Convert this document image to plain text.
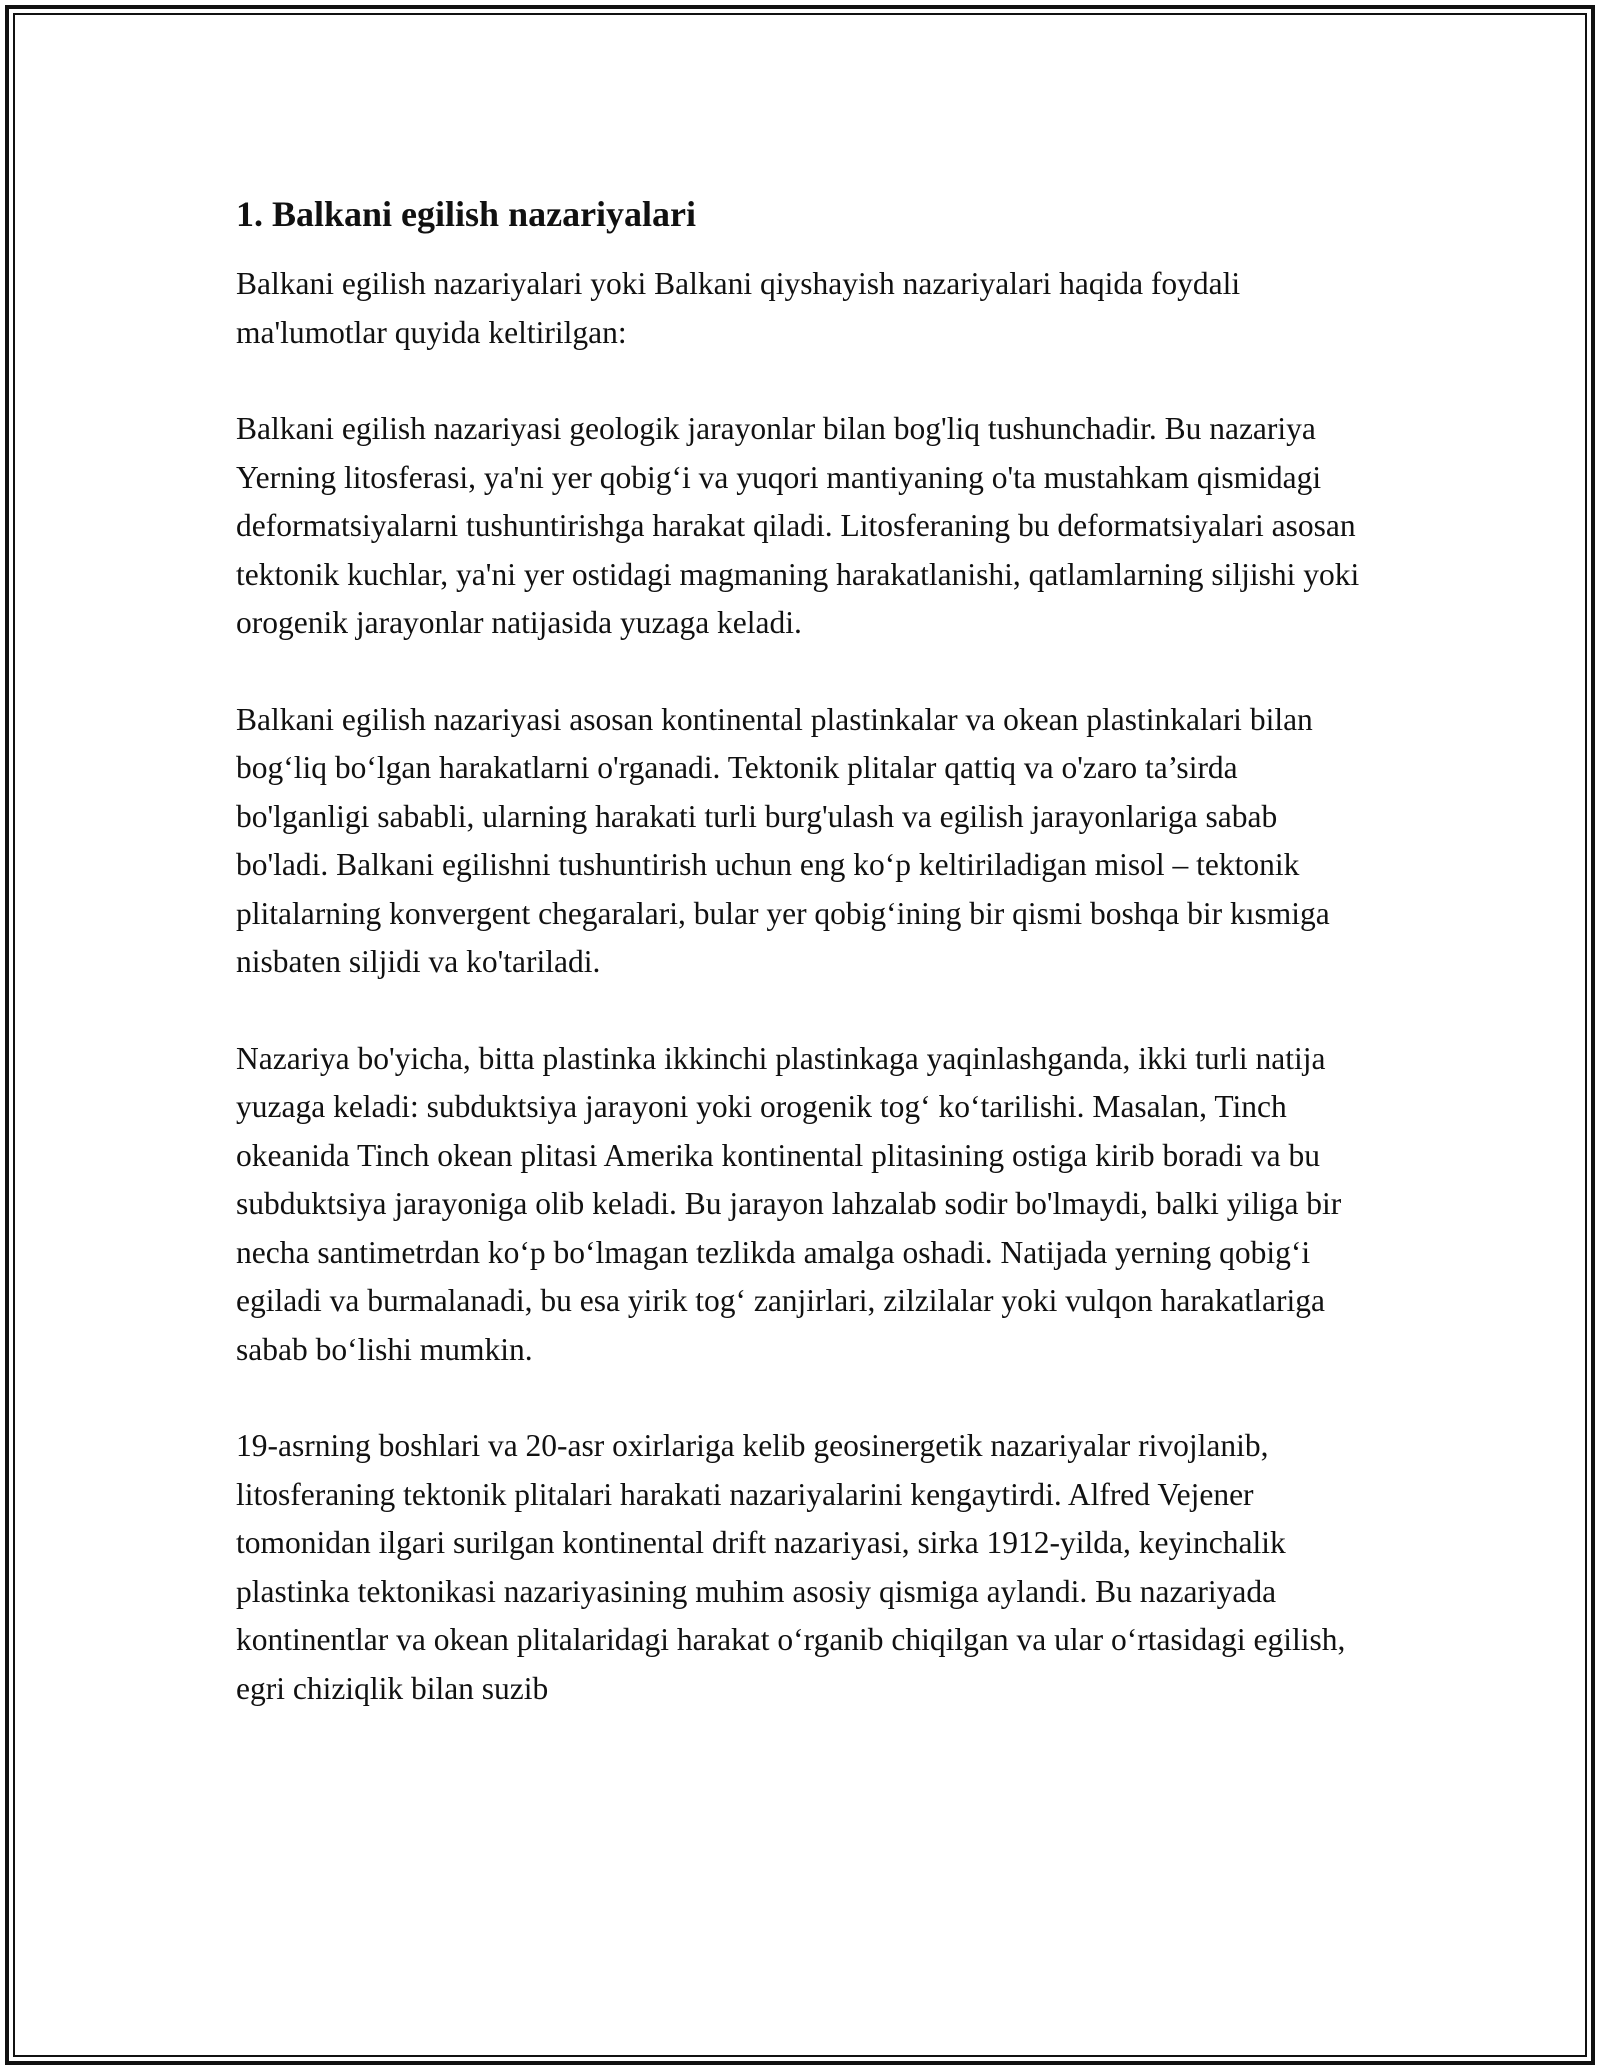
1. Balkani egilish nazariyalari

Balkani egilish nazariyalari yoki Balkani qiyshayish nazariyalari haqida foydali ma'lumotlar quyida keltirilgan:

Balkani egilish nazariyasi geologik jarayonlar bilan bog'liq tushunchadir. Bu nazariya Yerning litosferasi, ya'ni yer qobig‘i va yuqori mantiyaning o'ta mustahkam qismidagi deformatsiyalarni tushuntirishga harakat qiladi. Litosferaning bu deformatsiyalari asosan tektonik kuchlar, ya'ni yer ostidagi magmaning harakatlanishi, qatlamlarning siljishi yoki orogenik jarayonlar natijasida yuzaga keladi.

Balkani egilish nazariyasi asosan kontinental plastinkalar va okean plastinkalari bilan bog‘liq bo‘lgan harakatlarni o'rganadi. Tektonik plitalar qattiq va o'zaro ta’sirda bo'lganligi sababli, ularning harakati turli burg'ulash va egilish jarayonlariga sabab bo'ladi. Balkani egilishni tushuntirish uchun eng ko‘p keltiriladigan misol – tektonik plitalarning konvergent chegaralari, bular yer qobig‘ining bir qismi boshqa bir kısmiga nisbaten siljidi va ko'tariladi.

Nazariya bo'yicha, bitta plastinka ikkinchi plastinkaga yaqinlashganda, ikki turli natija yuzaga keladi: subduktsiya jarayoni yoki orogenik tog‘ ko‘tarilishi. Masalan, Tinch okeanida Tinch okean plitasi Amerika kontinental plitasining ostiga kirib boradi va bu subduktsiya jarayoniga olib keladi. Bu jarayon lahzalab sodir bo'lmaydi, balki yiliga bir necha santimetrdan ko‘p bo‘lmagan tezlikda amalga oshadi. Natijada yerning qobig‘i egiladi va burmalanadi, bu esa yirik tog‘ zanjirlari, zilzilalar yoki vulqon harakatlariga sabab bo‘lishi mumkin.

19-asrning boshlari va 20-asr oxirlariga kelib geosinergetik nazariyalar rivojlanib, litosferaning tektonik plitalari harakati nazariyalarini kengaytirdi. Alfred Vejener tomonidan ilgari surilgan kontinental drift nazariyasi, sirka 1912-yilda, keyinchalik plastinka tektonikasi nazariyasining muhim asosiy qismiga aylandi. Bu nazariyada kontinentlar va okean plitalaridagi harakat o‘rganib chiqilgan va ular o‘rtasidagi egilish, egri chiziqlik bilan suzib
